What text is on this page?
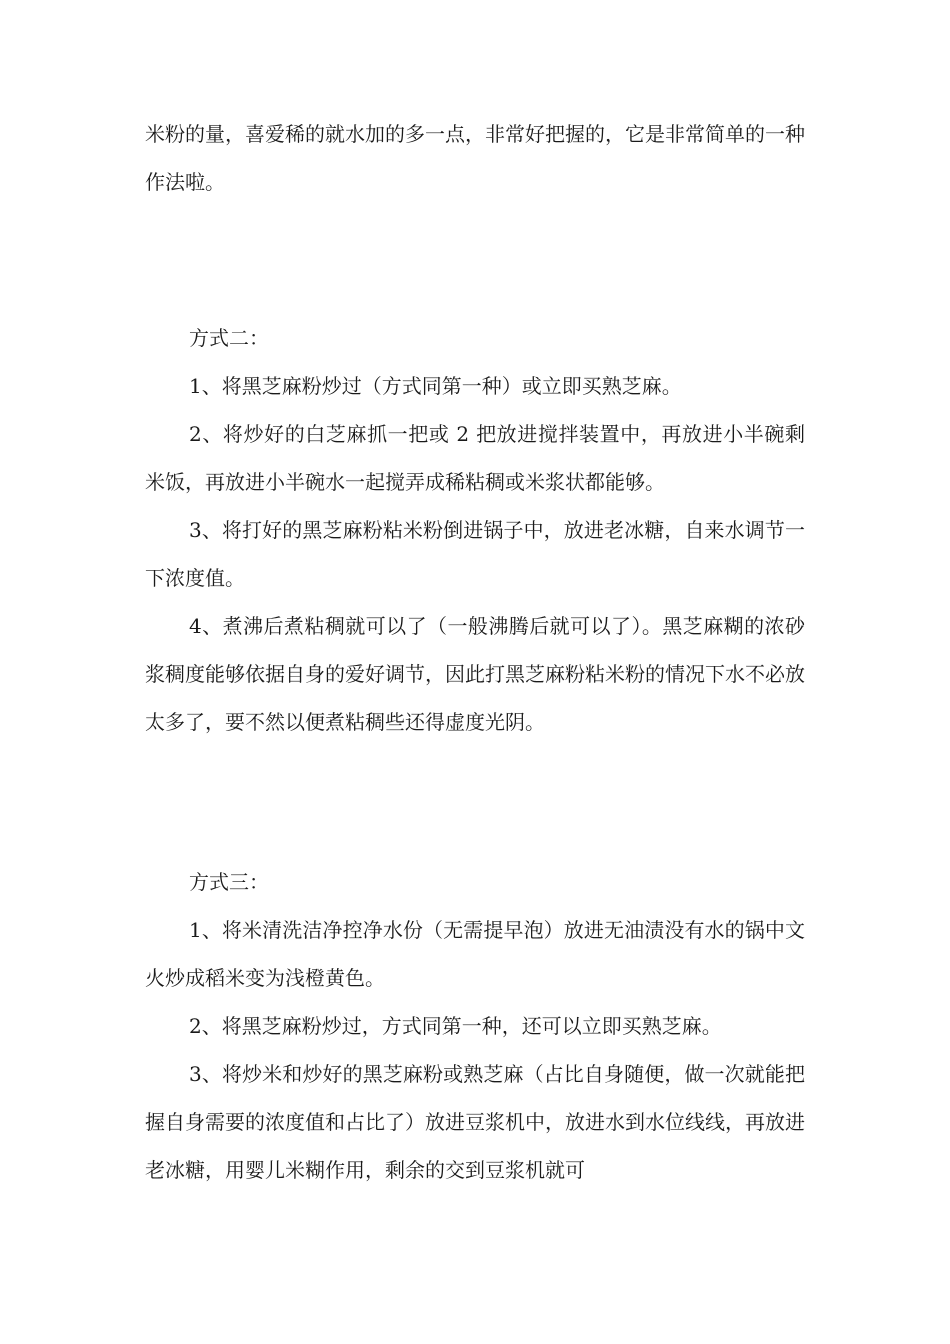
米粉的量，喜爱稀的就水加的多一点，非常好把握的，它是非常简单的一种作法啦。

方式二：

1、将黑芝麻粉炒过（方式同第一种）或立即买熟芝麻。

2、将炒好的白芝麻抓一把或 2 把放进搅拌装置中，再放进小半碗剩米饭，再放进小半碗水一起搅弄成稀粘稠或米浆状都能够。

3、将打好的黑芝麻粉粘米粉倒进锅子中，放进老冰糖，自来水调节一下浓度值。

4、煮沸后煮粘稠就可以了（一般沸腾后就可以了）。黑芝麻糊的浓砂浆稠度能够依据自身的爱好调节，因此打黑芝麻粉粘米粉的情况下水不必放太多了，要不然以便煮粘稠些还得虚度光阴。

方式三：

1、将米清洗洁净控净水份（无需提早泡）放进无油渍没有水的锅中文火炒成稻米变为浅橙黄色。

2、将黑芝麻粉炒过，方式同第一种，还可以立即买熟芝麻。

3、将炒米和炒好的黑芝麻粉或熟芝麻（占比自身随便，做一次就能把握自身需要的浓度值和占比了）放进豆浆机中，放进水到水位线线，再放进老冰糖，用婴儿米糊作用，剩余的交到豆浆机就可
